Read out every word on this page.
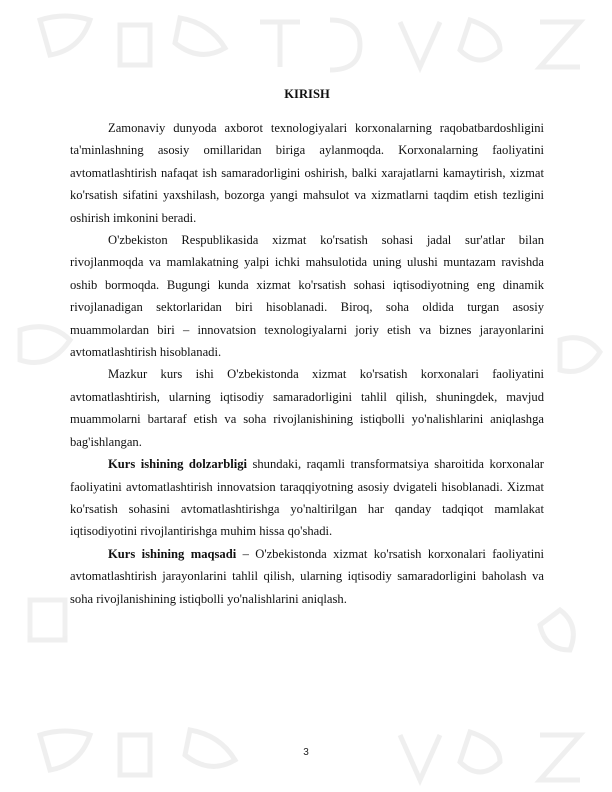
KIRISH

Zamonaviy dunyoda axborot texnologiyalari korxonalarning raqobatbardoshligini ta'minlashning asosiy omillaridan biriga aylanmoqda. Korxonalarning faoliyatini avtomatlashtirish nafaqat ish samaradorligini oshirish, balki xarajatlarni kamaytirish, xizmat ko'rsatish sifatini yaxshilash, bozorga yangi mahsulot va xizmatlarni taqdim etish tezligini oshirish imkonini beradi.

O'zbekiston Respublikasida xizmat ko'rsatish sohasi jadal sur'atlar bilan rivojlanmoqda va mamlakatning yalpi ichki mahsulotida uning ulushi muntazam ravishda oshib bormoqda. Bugungi kunda xizmat ko'rsatish sohasi iqtisodiyotning eng dinamik rivojlanadigan sektorlaridan biri hisoblanadi. Biroq, soha oldida turgan asosiy muammolardan biri – innovatsion texnologiyalarni joriy etish va biznes jarayonlarini avtomatlashtirish hisoblanadi.

Mazkur kurs ishi O'zbekistonda xizmat ko'rsatish korxonalari faoliyatini avtomatlashtirish, ularning iqtisodiy samaradorligini tahlil qilish, shuningdek, mavjud muammolarni bartaraf etish va soha rivojlanishining istiqbolli yo'nalishlarini aniqlashga bag'ishlangan.

Kurs ishining dolzarbligi shundaki, raqamli transformatsiya sharoitida korxonalar faoliyatini avtomatlashtirish innovatsion taraqqiyotning asosiy dvigateli hisoblanadi. Xizmat ko'rsatish sohasini avtomatlashtirishga yo'naltirilgan har qanday tadqiqot mamlakat iqtisodiyotini rivojlantirishga muhim hissa qo'shadi.

Kurs ishining maqsadi – O'zbekistonda xizmat ko'rsatish korxonalari faoliyatini avtomatlashtirish jarayonlarini tahlil qilish, ularning iqtisodiy samaradorligini baholash va soha rivojlanishining istiqbolli yo'nalishlarini aniqlash.

3
